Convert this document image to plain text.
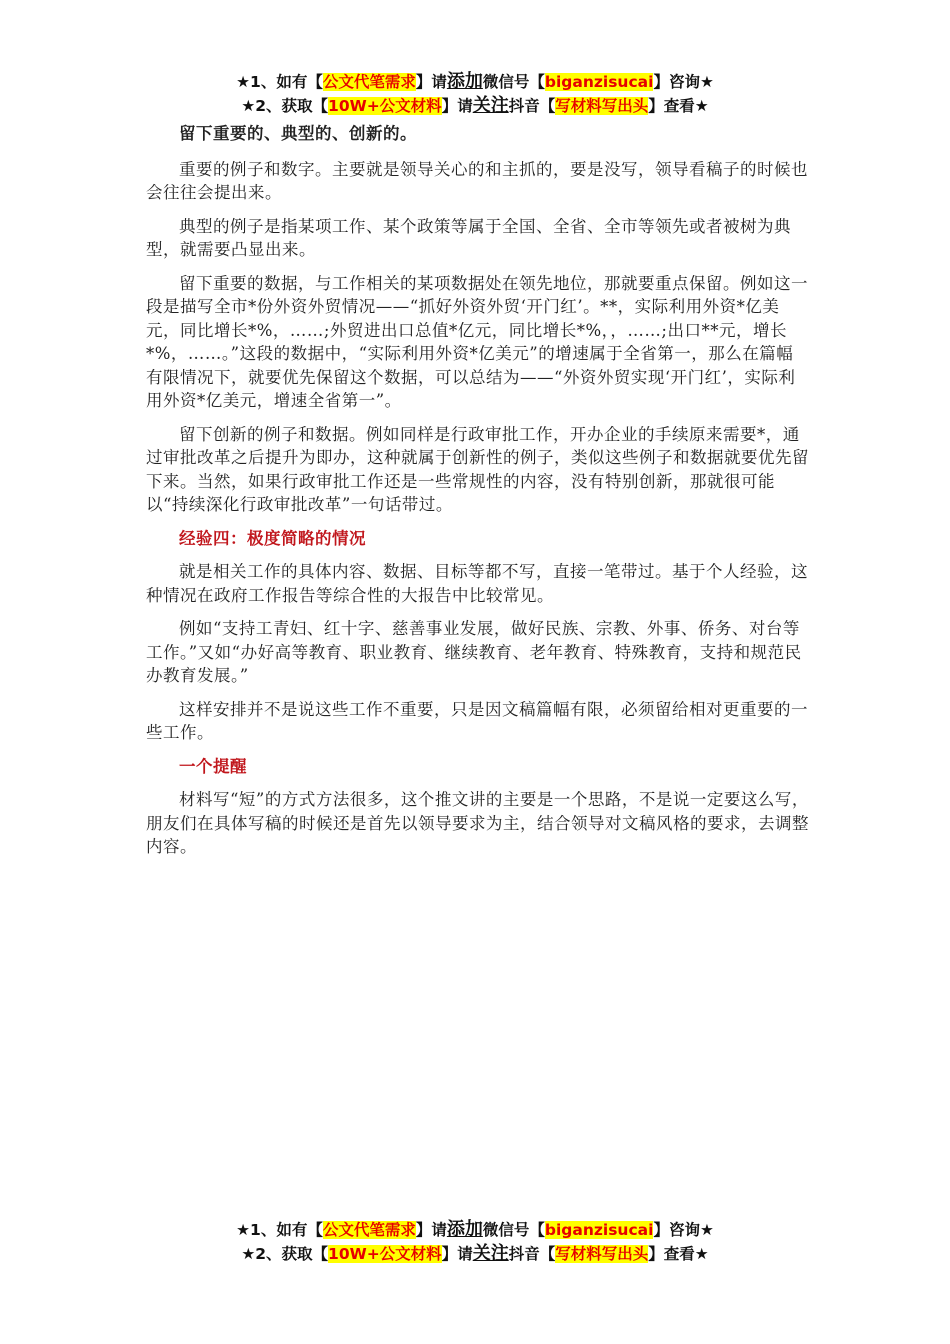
★1、如有【公文代笔需求】请添加微信号【biganzisucai】咨询★
★2、获取【10W+公文材料】请关注抖音【写材料写出头】查看★

留下重要的、典型的、创新的。

重要的例子和数字。主要就是领导关心的和主抓的，要是没写，领导看稿子的时候也会往往会提出来。

典型的例子是指某项工作、某个政策等属于全国、全省、全市等领先或者被树为典型，就需要凸显出来。

留下重要的数据，与工作相关的某项数据处在领先地位，那就要重点保留。例如这一段是描写全市*份外资外贸情况——“抓好外资外贸‘开门红’。**，实际利用外资*亿美元，同比增长*%，……;外贸进出口总值*亿元，同比增长*%，，……;出口**元，增长*%，……。”这段的数据中，“实际利用外资*亿美元”的增速属于全省第一，那么在篇幅有限情况下，就要优先保留这个数据，可以总结为——“外资外贸实现‘开门红’，实际利用外资*亿美元，增速全省第一”。

留下创新的例子和数据。例如同样是行政审批工作，开办企业的手续原来需要*，通过审批改革之后提升为即办，这种就属于创新性的例子，类似这些例子和数据就要优先留下来。当然，如果行政审批工作还是一些常规性的内容，没有特别创新，那就很可能以“持续深化行政审批改革”一句话带过。

经验四：极度简略的情况

就是相关工作的具体内容、数据、目标等都不写，直接一笔带过。基于个人经验，这种情况在政府工作报告等综合性的大报告中比较常见。

例如“支持工青妇、红十字、慈善事业发展，做好民族、宗教、外事、侨务、对台等工作。”又如“办好高等教育、职业教育、继续教育、老年教育、特殊教育，支持和规范民办教育发展。”

这样安排并不是说这些工作不重要，只是因文稿篇幅有限，必须留给相对更重要的一些工作。

一个提醒

材料写“短”的方式方法很多，这个推文讲的主要是一个思路，不是说一定要这么写，朋友们在具体写稿的时候还是首先以领导要求为主，结合领导对文稿风格的要求，去调整内容。

★1、如有【公文代笔需求】请添加微信号【biganzisucai】咨询★
★2、获取【10W+公文材料】请关注抖音【写材料写出头】查看★
